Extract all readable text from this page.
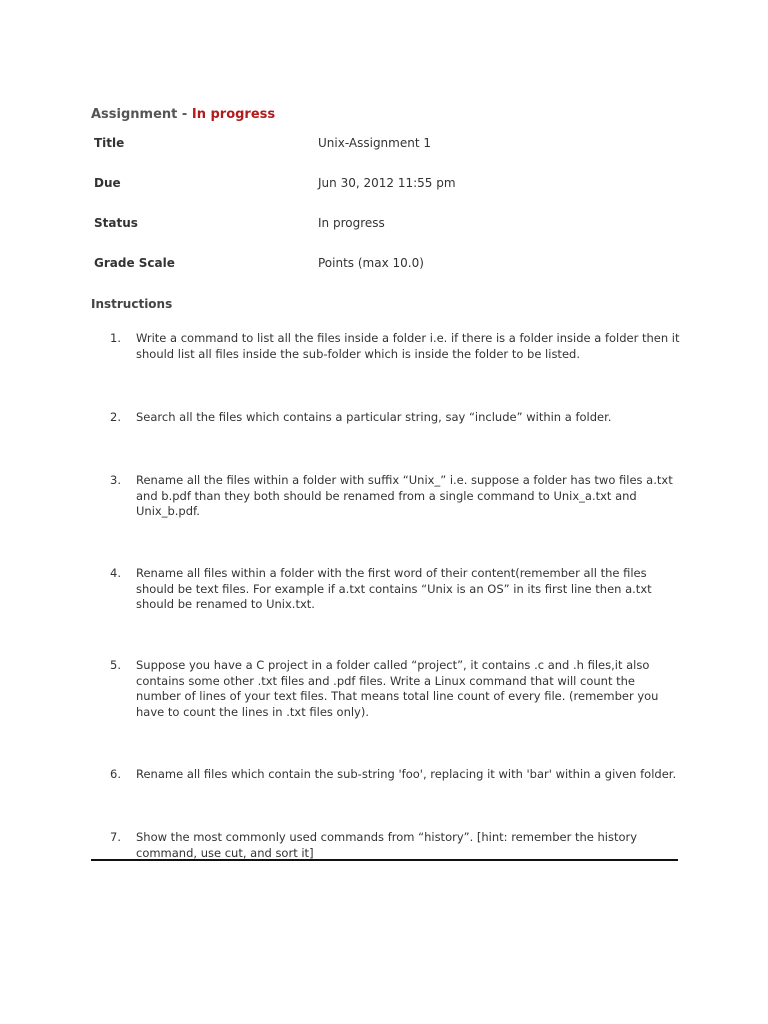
Assignment - In progress
Title	Unix-Assignment 1
Due	Jun 30, 2012 11:55 pm
Status	In progress
Grade Scale	Points (max 10.0)
Instructions
1.	Write a command to list all the files inside a folder i.e. if there is a folder inside a folder then it should list all files inside the sub-folder which is inside the folder to be listed.
2.	Search all the files which contains a particular string, say “include” within a folder.
3.	Rename all the files within a folder with suffix “Unix_” i.e. suppose a folder has two files a.txt and b.pdf than they both should be renamed from a single command to Unix_a.txt and Unix_b.pdf.
4.	Rename all files within a folder with the first word of their content(remember all the files should be text files. For example if a.txt contains “Unix is an OS” in its first line then a.txt should be renamed to Unix.txt.
5.	Suppose you have a C project in a folder called “project”, it contains .c and .h files,it also contains some other .txt files and .pdf files. Write a Linux command that will count the number of lines of your text files. That means total line count of every file. (remember you have to count the lines in .txt files only).
6.	Rename all files which contain the sub-string 'foo', replacing it with 'bar' within a given folder.
7.	Show the most commonly used commands from “history”. [hint: remember the history command, use cut, and sort it]
